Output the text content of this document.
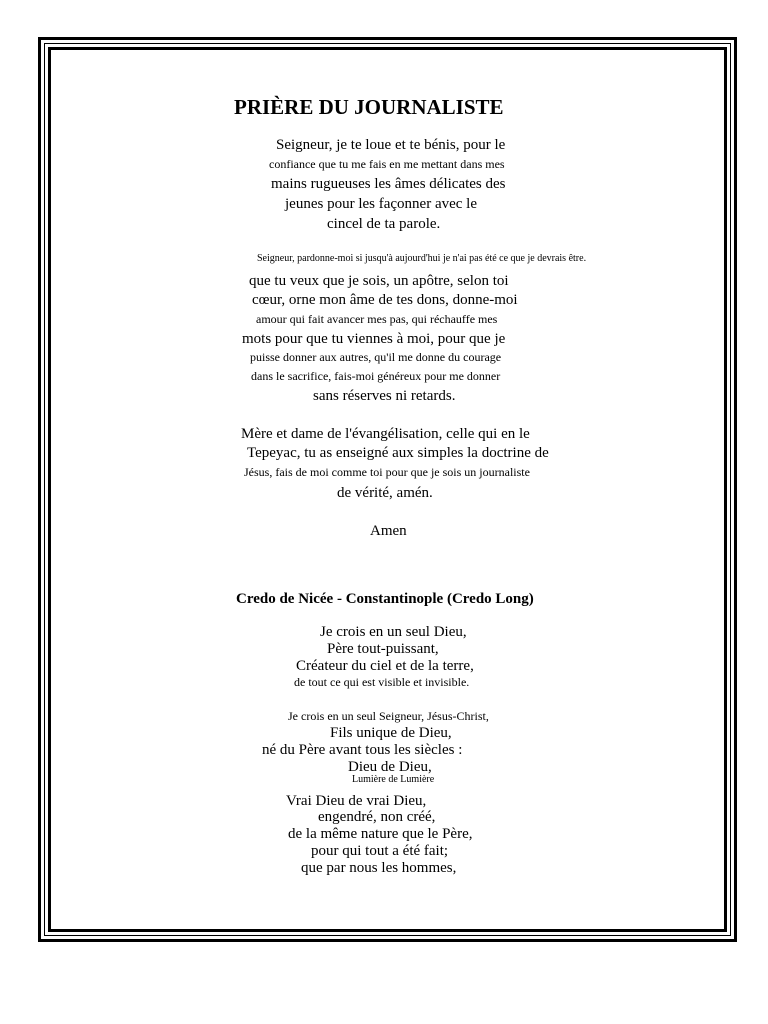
PRIÈRE DU JOURNALISTE

Seigneur, je te loue et te bénis, pour le

confiance que tu me fais en me mettant dans mes

mains rugueuses les âmes délicates des

jeunes pour les façonner avec le

cincel de ta parole.

Seigneur, pardonne-moi si jusqu'à aujourd'hui je n'ai pas été ce que je devrais être.

que tu veux que je sois, un apôtre, selon toi

cœur, orne mon âme de tes dons, donne-moi

amour qui fait avancer mes pas, qui réchauffe mes

mots pour que tu viennes à moi, pour que je

puisse donner aux autres, qu'il me donne du courage

dans le sacrifice, fais-moi généreux pour me donner

sans réserves ni retards.

Mère et dame de l'évangélisation, celle qui en le

Tepeyac, tu as enseigné aux simples la doctrine de

Jésus, fais de moi comme toi pour que je sois un journaliste

de vérité, amén.

Amen

Credo de Nicée - Constantinople (Credo Long)

Je crois en un seul Dieu,

Père tout-puissant,

Créateur du ciel et de la terre,

de tout ce qui est visible et invisible.

Je crois en un seul Seigneur, Jésus-Christ,

Fils unique de Dieu,

né du Père avant tous les siècles :

Dieu de Dieu,

Lumière de Lumière

Vrai Dieu de vrai Dieu,

engendré, non créé,

de la même nature que le Père,

pour qui tout a été fait;

que par nous les hommes,
